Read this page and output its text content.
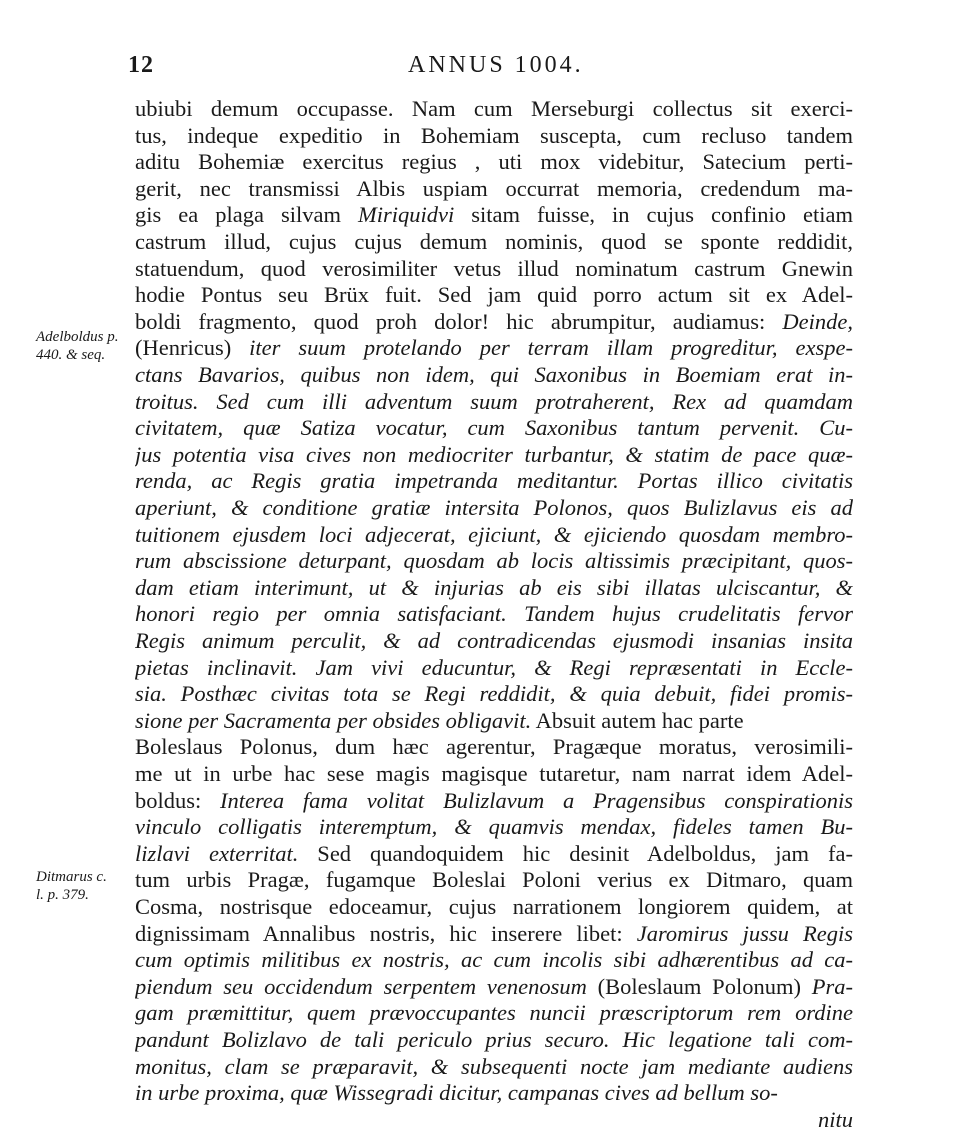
12	ANNUS 1004.
Adelboldus p.
440. & seq.
Ditmarus c.
l. p. 379.
ubiubi demum occupasse. Nam cum Merseburgi collectus sit exerci-
tus, indeque expeditio in Bohemiam suscepta, cum recluso tandem
aditu Bohemiæ exercitus regius , uti mox videbitur, Satecium perti-
gerit, nec transmissi Albis uspiam occurrat memoria, credendum ma-
gis ea plaga silvam Miriquidvi sitam fuisse, in cujus confinio etiam
castrum illud, cujus cujus demum nominis, quod se sponte reddidit,
statuendum, quod verosimiliter vetus illud nominatum castrum Gnewin
hodie Pontus seu Brüx fuit. Sed jam quid porro actum sit ex Adel-
boldi fragmento, quod proh dolor! hic abrumpitur, audiamus: Deinde,
(Henricus) iter suum protelando per terram illam progreditur, exspe-
ctans Bavarios, quibus non idem, qui Saxonibus in Boemiam erat in-
troitus. Sed cum illi adventum suum protraherent, Rex ad quamdam
civitatem, quæ Satiza vocatur, cum Saxonibus tantum pervenit. Cu-
jus potentia visa cives non mediocriter turbantur, & statim de pace quæ-
renda, ac Regis gratia impetranda meditantur. Portas illico civitatis
aperiunt, & conditione gratiæ intersita Polonos, quos Bulizlavus eis ad
tuitionem ejusdem loci adjecerat, ejiciunt, & ejiciendo quosdam membro-
rum abscissione deturpant, quosdam ab locis altissimis præcipitant, quos-
dam etiam interimunt, ut & injurias ab eis sibi illatas ulciscantur, &
honori regio per omnia satisfaciant. Tandem hujus crudelitatis fervor
Regis animum perculit, & ad contradicendas ejusmodi insanias insita
pietas inclinavit. Jam vivi educuntur, & Regi repræsentati in Eccle-
sia. Posthæc civitas tota se Regi reddidit, & quia debuit, fidei promis-
sione per Sacramenta per obsides obligavit. Absuit autem hac parte
Boleslaus Polonus, dum hæc agerentur, Pragæque moratus, verosimili-
me ut in urbe hac sese magis magisque tutaretur, nam narrat idem Adel-
boldus: Interea fama volitat Bulizlavum a Pragensibus conspirationis
vinculo colligatis interemptum, & quamvis mendax, fideles tamen Bu-
lizlavi exterritat. Sed quandoquidem hic desinit Adelboldus, jam fa-
tum urbis Pragæ, fugamque Boleslai Poloni verius ex Ditmaro, quam
Cosma, nostrisque edoceamur, cujus narrationem longiorem quidem, at
dignissimam Annalibus nostris, hic inserere libet: Jaromirus jussu Regis
cum optimis militibus ex nostris, ac cum incolis sibi adhærentibus ad ca-
piendum seu occidendum serpentem venenosum (Boleslaum Polonum) Pra-
gam præmittitur, quem prævoccupantes nuncii præscriptorum rem ordine
pandunt Bolizlavo de tali periculo prius securo. Hic legatione tali com-
monitus, clam se præparavit, & subsequenti nocte jam mediante audiens
in urbe proxima, quæ Wissegradi dicitur, campanas cives ad bellum so-
nitu
